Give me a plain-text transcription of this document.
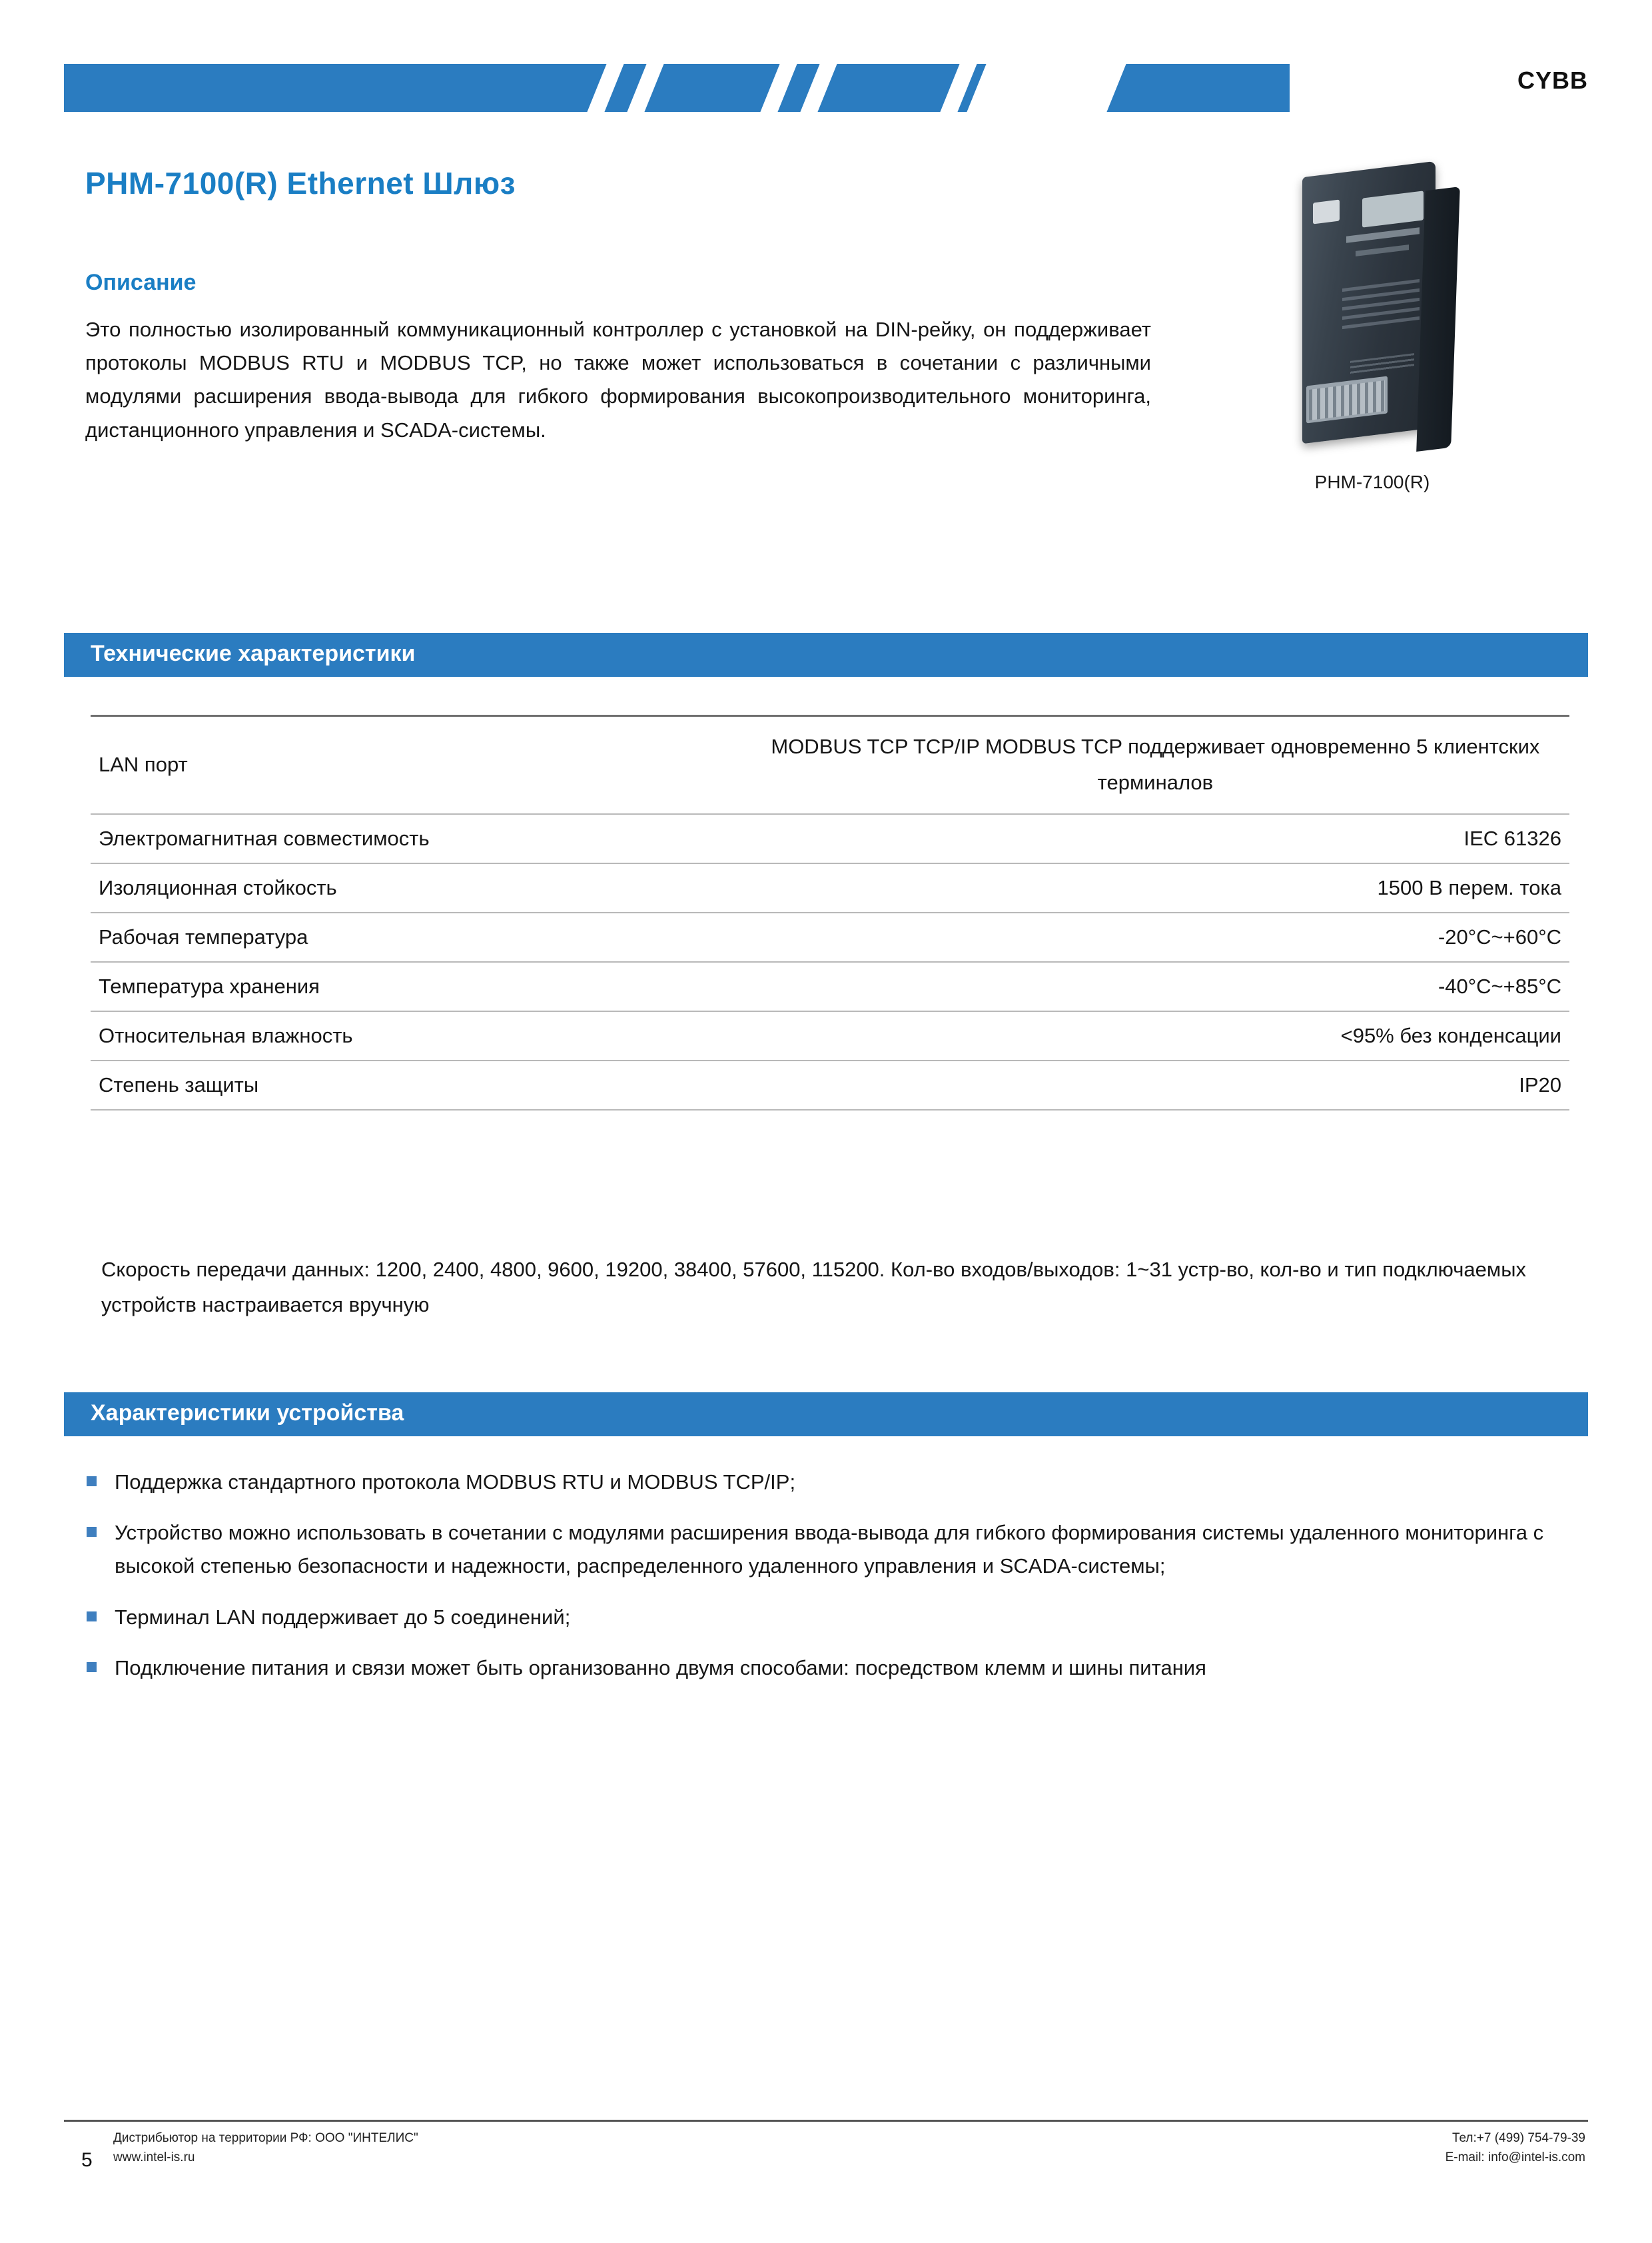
CYBB
PHM-7100(R) Ethernet Шлюз
Описание
Это полностью изолированный коммуникационный контроллер с установкой на DIN-рейку, он поддерживает протоколы MODBUS RTU и MODBUS TCP, но также может использоваться в сочетании с различными модулями расширения ввода-вывода для гибкого формирования высокопроизводительного мониторинга, дистанционного управления и SCADA-системы.
PHM-7100(R)
Технические характеристики
LAN порт	MODBUS TCP TCP/IP MODBUS TCP поддерживает одновременно 5 клиентских терминалов
Электромагнитная совместимость	IEC 61326
Изоляционная стойкость	1500 В перем. тока
Рабочая температура	-20°C~+60°C
Температура хранения	-40°C~+85°C
Относительная влажность	<95% без конденсации
Степень защиты	IP20
Скорость передачи данных: 1200, 2400, 4800, 9600, 19200, 38400, 57600, 115200. Кол-во входов/выходов: 1~31 устр-во, кол-во и тип подключаемых устройств настраивается вручную
Характеристики устройства
Поддержка стандартного протокола MODBUS RTU и MODBUS TCP/IP;
Устройство можно использовать в сочетании с модулями расширения ввода-вывода для гибкого формирования системы удаленного мониторинга с высокой степенью безопасности и надежности, распределенного удаленного управления и SCADA-системы;
Терминал LAN поддерживает до 5 соединений;
Подключение питания и связи может быть организованно двумя способами: посредством клемм и шины питания
Дистрибьютор на территории РФ: ООО "ИНТЕЛИС"
www.intel-is.ru
Тел:+7 (499) 754-79-39
E-mail: info@intel-is.com
5
